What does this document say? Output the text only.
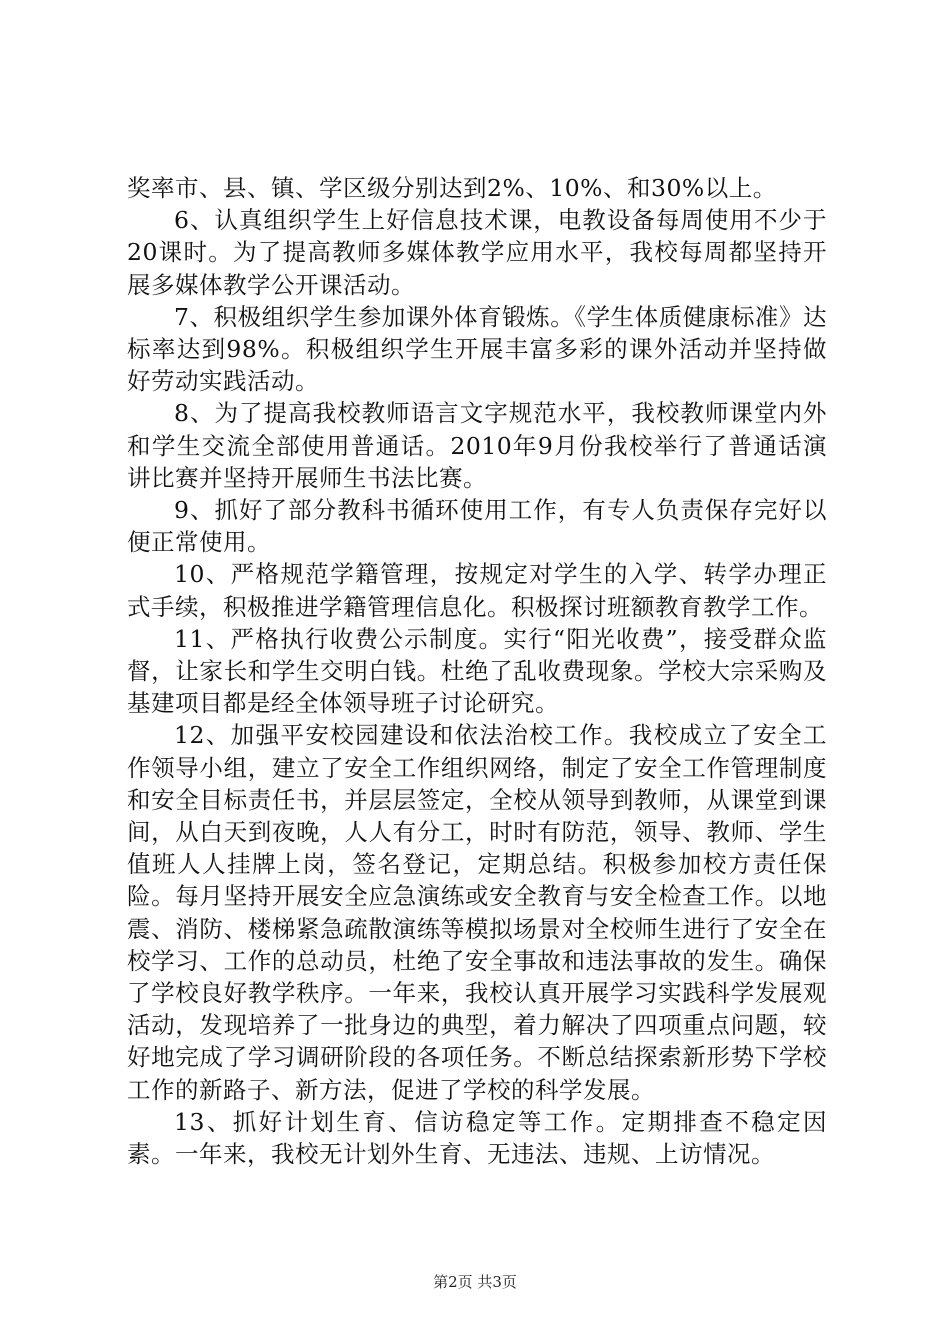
奖率市、县、镇、学区级分别达到2%、10%、和30%以上。

6、认真组织学生上好信息技术课，电教设备每周使用不少于20课时。为了提高教师多媒体教学应用水平，我校每周都坚持开展多媒体教学公开课活动。

7、积极组织学生参加课外体育锻炼。《学生体质健康标准》达标率达到98%。积极组织学生开展丰富多彩的课外活动并坚持做好劳动实践活动。

8、为了提高我校教师语言文字规范水平，我校教师课堂内外和学生交流全部使用普通话。2010年9月份我校举行了普通话演讲比赛并坚持开展师生书法比赛。

9、抓好了部分教科书循环使用工作，有专人负责保存完好以便正常使用。

10、严格规范学籍管理，按规定对学生的入学、转学办理正式手续，积极推进学籍管理信息化。积极探讨班额教育教学工作。

11、严格执行收费公示制度。实行“阳光收费”，接受群众监督，让家长和学生交明白钱。杜绝了乱收费现象。学校大宗采购及基建项目都是经全体领导班子讨论研究。

12、加强平安校园建设和依法治校工作。我校成立了安全工作领导小组，建立了安全工作组织网络，制定了安全工作管理制度和安全目标责任书，并层层签定，全校从领导到教师，从课堂到课间，从白天到夜晚，人人有分工，时时有防范，领导、教师、学生值班人人挂牌上岗，签名登记，定期总结。积极参加校方责任保险。每月坚持开展安全应急演练或安全教育与安全检查工作。以地震、消防、楼梯紧急疏散演练等模拟场景对全校师生进行了安全在校学习、工作的总动员，杜绝了安全事故和违法事故的发生。确保了学校良好教学秩序。一年来，我校认真开展学习实践科学发展观活动，发现培养了一批身边的典型，着力解决了四项重点问题，较好地完成了学习调研阶段的各项任务。不断总结探索新形势下学校工作的新路子、新方法，促进了学校的科学发展。

13、抓好计划生育、信访稳定等工作。定期排查不稳定因素。一年来，我校无计划外生育、无违法、违规、上访情况。

第2页 共3页
